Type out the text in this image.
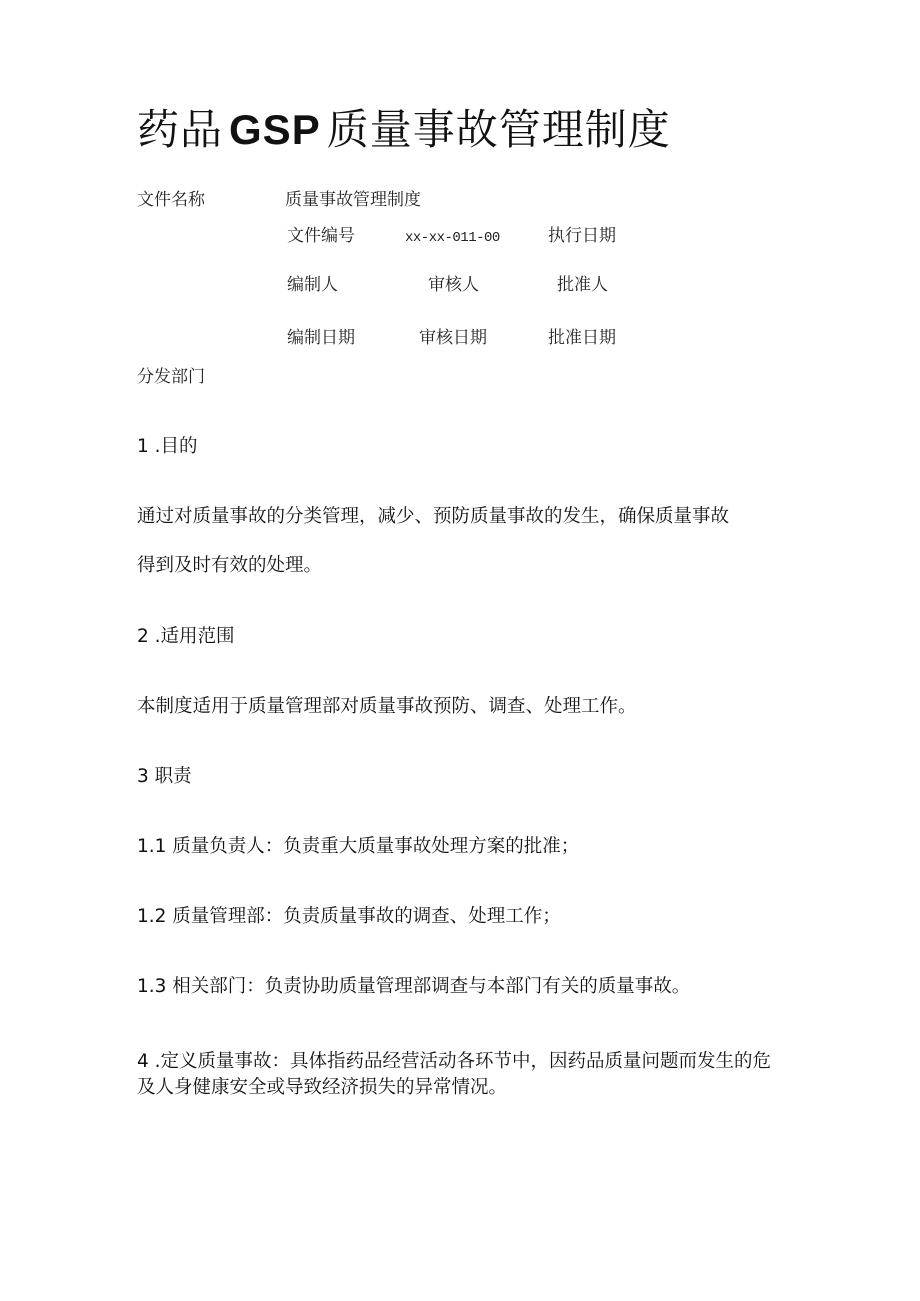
药品 GSP 质量事故管理制度
文件名称	质量事故管理制度
文件编号	xx-xx-011-00	执行日期
编制人	审核人	批准人
编制日期	审核日期	批准日期
分发部门
1 .目的
通过对质量事故的分类管理，减少、预防质量事故的发生，确保质量事故
得到及时有效的处理。
2 .适用范围
本制度适用于质量管理部对质量事故预防、调查、处理工作。
3 职责
1.1 质量负责人：负责重大质量事故处理方案的批准；
1.2 质量管理部：负责质量事故的调查、处理工作；
1.3 相关部门：负责协助质量管理部调查与本部门有关的质量事故。
4 .定义质量事故：具体指药品经营活动各环节中，因药品质量问题而发生的危及人身健康安全或导致经济损失的异常情况。
